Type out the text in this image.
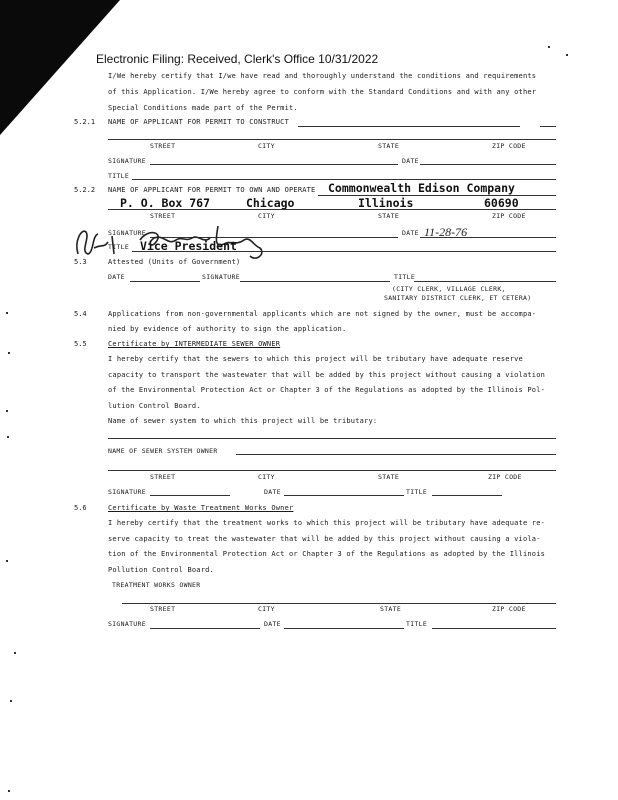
Electronic Filing: Received, Clerk's Office 10/31/2022
I/We hereby certify that I/we have read and thoroughly understand the conditions and requirements
of this Application. I/We hereby agree to conform with the Standard Conditions and with any other
Special Conditions made part of the Permit.
5.2.1 NAME OF APPLICANT FOR PERMIT TO CONSTRUCT
STREET	CITY	STATE	ZIP CODE
SIGNATURE	DATE
TITLE
5.2.2 NAME OF APPLICANT FOR PERMIT TO OWN AND OPERATE Commonwealth Edison Company
P. O. Box 767	Chicago	Illinois	60690
STREET	CITY	STATE	ZIP CODE
SIGNATURE	DATE 11-28-76
TITLE Vice President
5.3	Attested (Units of Government)
DATE	SIGNATURE	TITLE
(CITY CLERK, VILLAGE CLERK,
SANITARY DISTRICT CLERK, ET CETERA)
5.4	Applications from non-governmental applicants which are not signed by the owner, must be accompa-
nied by evidence of authority to sign the application.
5.5	Certificate by INTERMEDIATE SEWER OWNER
I hereby certify that the sewers to which this project will be tributary have adequate reserve
capacity to transport the wastewater that will be added by this project without causing a violation
of the Environmental Protection Act or Chapter 3 of the Regulations as adopted by the Illinois Pol-
lution Control Board.
Name of sewer system to which this project will be tributary:
NAME OF SEWER SYSTEM OWNER
STREET	CITY	STATE	ZIP CODE
SIGNATURE	DATE	TITLE
5.6	Certificate by Waste Treatment Works Owner
I hereby certify that the treatment works to which this project will be tributary have adequate re-
serve capacity to treat the wastewater that will be added by this project without causing a viola-
tion of the Environmental Protection Act or Chapter 3 of the Regulations as adopted by the Illinois
Pollution Control Board.
TREATMENT WORKS OWNER
STREET	CITY	STATE	ZIP CODE
SIGNATURE	DATE	TITLE
